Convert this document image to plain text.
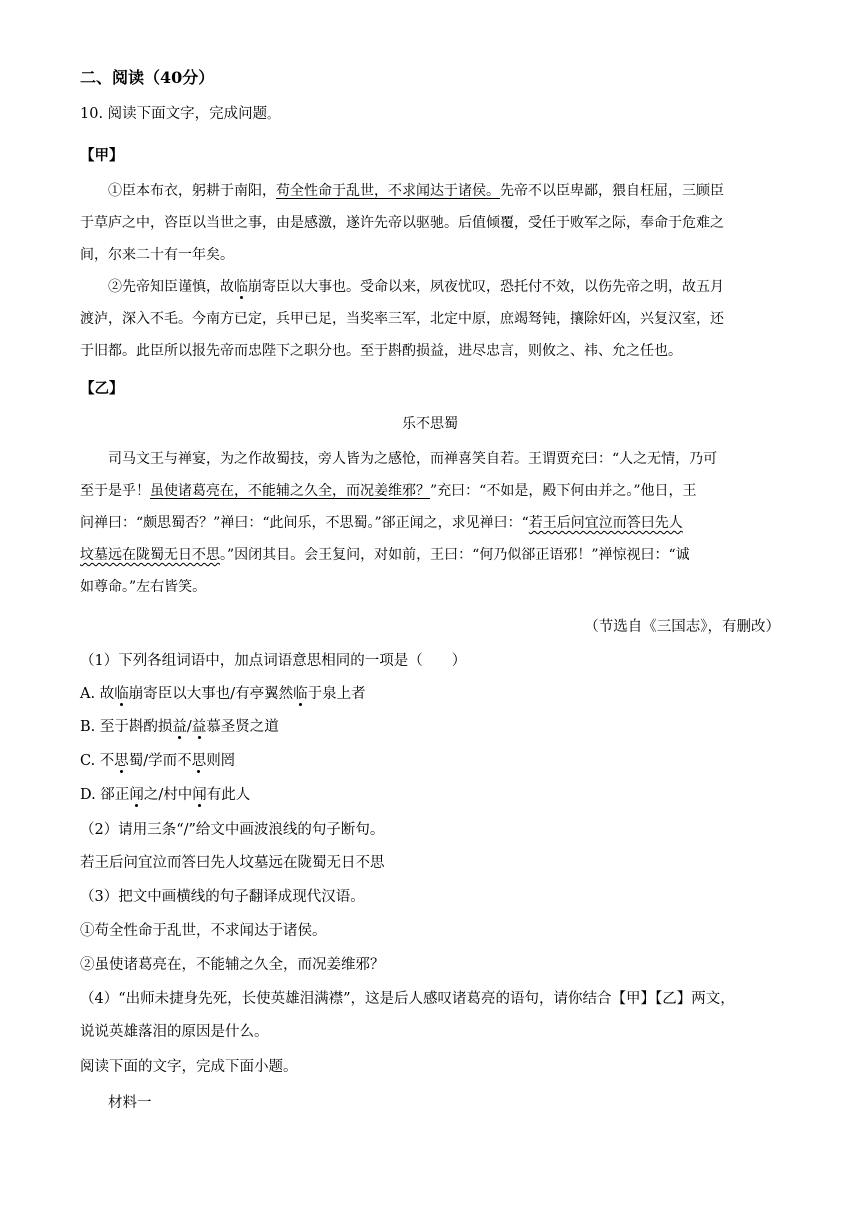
二、阅读（40分）
10. 阅读下面文字，完成问题。
【甲】
①臣本布衣，躬耕于南阳，苟全性命于乱世，不求闻达于诸侯。先帝不以臣卑鄙，猥自枉屈，三顾臣
于草庐之中，咨臣以当世之事，由是感激，遂许先帝以驱驰。后值倾覆，受任于败军之际，奉命于危难之
间，尔来二十有一年矣。
②先帝知臣谨慎，故临崩寄臣以大事也。受命以来，夙夜忧叹，恐托付不效，以伤先帝之明，故五月
渡泸，深入不毛。今南方已定，兵甲已足，当奖率三军，北定中原，庶竭驽钝，攘除奸凶，兴复汉室，还
于旧都。此臣所以报先帝而忠陛下之职分也。至于斟酌损益，进尽忠言，则攸之、祎、允之任也。
【乙】
乐不思蜀
司马文王与禅宴，为之作故蜀技，旁人皆为之感怆，而禅喜笑自若。王谓贾充曰：“人之无情，乃可
至于是乎！虽使诸葛亮在，不能辅之久全，而况姜维邪？”充曰：“不如是，殿下何由并之。”他日，王
问禅曰：“颇思蜀否？”禅曰：“此间乐，不思蜀。”郤正闻之，求见禅曰：“若王后问宜泣而答曰先人
坟墓远在陇蜀无日不思。”因闭其目。会王复问，对如前，王曰：“何乃似郤正语邪！”禅惊视曰：“诚
如尊命。”左右皆笑。
（节选自《三国志》，有删改）
（1）下列各组词语中，加点词语意思相同的一项是（　　）
A. 故临崩寄臣以大事也/有亭翼然临于泉上者
B. 至于斟酌损益/益慕圣贤之道
C. 不思蜀/学而不思则罔
D. 郤正闻之/村中闻有此人
（2）请用三条“/”给文中画波浪线的句子断句。
若王后问宜泣而答曰先人坟墓远在陇蜀无日不思
（3）把文中画横线的句子翻译成现代汉语。
①苟全性命于乱世，不求闻达于诸侯。
②虽使诸葛亮在，不能辅之久全，而况姜维邪？
（4）“出师未捷身先死，长使英雄泪满襟”，这是后人感叹诸葛亮的语句，请你结合【甲】【乙】两文，
说说英雄落泪的原因是什么。
阅读下面的文字，完成下面小题。
材料一
